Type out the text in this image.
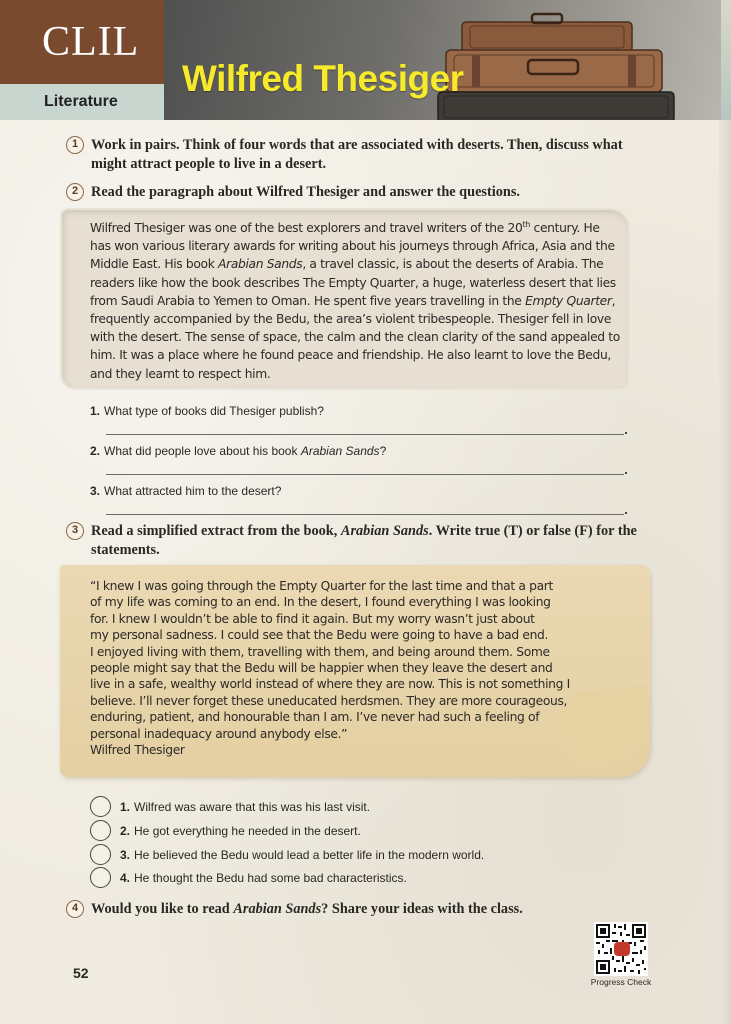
CLIL
Literature
Wilfred Thesiger
1 Work in pairs. Think of four words that are associated with deserts. Then, discuss what might attract people to live in a desert.
2 Read the paragraph about Wilfred Thesiger and answer the questions.
Wilfred Thesiger was one of the best explorers and travel writers of the 20th century. He has won various literary awards for writing about his journeys through Africa, Asia and the Middle East. His book Arabian Sands, a travel classic, is about the deserts of Arabia. The readers like how the book describes The Empty Quarter, a huge, waterless desert that lies from Saudi Arabia to Yemen to Oman. He spent five years travelling in the Empty Quarter, frequently accompanied by the Bedu, the area’s violent tribespeople. Thesiger fell in love with the desert. The sense of space, the calm and the clean clarity of the sand appealed to him. It was a place where he found peace and friendship. He also learnt to love the Bedu, and they learnt to respect him.
1. What type of books did Thesiger publish?
2. What did people love about his book Arabian Sands?
3. What attracted him to the desert?
3 Read a simplified extract from the book, Arabian Sands. Write true (T) or false (F) for the statements.
“I knew I was going through the Empty Quarter for the last time and that a part
of my life was coming to an end. In the desert, I found everything I was looking
for. I knew I wouldn’t be able to find it again. But my worry wasn’t just about
my personal sadness. I could see that the Bedu were going to have a bad end.
I enjoyed living with them, travelling with them, and being around them. Some
people might say that the Bedu will be happier when they leave the desert and
live in a safe, wealthy world instead of where they are now. This is not something I
believe. I’ll never forget these uneducated herdsmen. They are more courageous,
enduring, patient, and honourable than I am. I’ve never had such a feeling of
personal inadequacy around anybody else.”
Wilfred Thesiger
1. Wilfred was aware that this was his last visit.
2. He got everything he needed in the desert.
3. He believed the Bedu would lead a better life in the modern world.
4. He thought the Bedu had some bad characteristics.
4 Would you like to read Arabian Sands? Share your ideas with the class.
52
Progress Check
